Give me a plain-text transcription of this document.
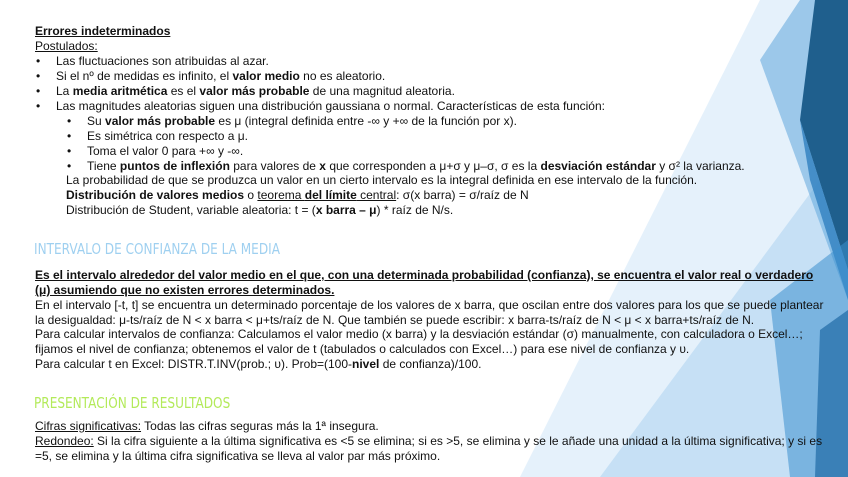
Errores indeterminados
Postulados:
• Las fluctuaciones son atribuidas al azar.
• Si el nº de medidas es infinito, el valor medio no es aleatorio.
• La media aritmética es el valor más probable de una magnitud aleatoria.
• Las magnitudes aleatorias siguen una distribución gaussiana o normal. Características de esta función:
• Su valor más probable es μ (integral definida entre -∞ y +∞ de la función por x).
• Es simétrica con respecto a μ.
• Toma el valor 0 para +∞ y -∞.
• Tiene puntos de inflexión para valores de x que corresponden a μ+σ y μ–σ, σ es la desviación estándar y σ² la varianza.
La probabilidad de que se produzca un valor en un cierto intervalo es la integral definida en ese intervalo de la función.
Distribución de valores medios o teorema del límite central: σ(x barra) = σ/raíz de N
Distribución de Student, variable aleatoria: t = (x barra – μ) * raíz de N/s.
INTERVALO DE CONFIANZA DE LA MEDIA
Es el intervalo alrededor del valor medio en el que, con una determinada probabilidad (confianza), se encuentra el valor real o verdadero
(μ) asumiendo que no existen errores determinados.
En el intervalo [-t, t] se encuentra un determinado porcentaje de los valores de x barra, que oscilan entre dos valores para los que se puede plantear
la desigualdad: μ-ts/raíz de N < x barra < μ+ts/raíz de N. Que también se puede escribir: x barra-ts/raíz de N < μ < x barra+ts/raíz de N.
Para calcular intervalos de confianza: Calculamos el valor medio (x barra) y la desviación estándar (σ) manualmente, con calculadora o Excel…;
fijamos el nivel de confianza; obtenemos el valor de t (tabulados o calculados con Excel…) para ese nivel de confianza y υ.
Para calcular t en Excel: DISTR.T.INV(prob.; υ). Prob=(100-nivel de confianza)/100.
PRESENTACIÓN DE RESULTADOS
Cifras significativas: Todas las cifras seguras más la 1ª insegura.
Redondeo: Si la cifra siguiente a la última significativa es <5 se elimina; si es >5, se elimina y se le añade una unidad a la última significativa; y si es
=5, se elimina y la última cifra significativa se lleva al valor par más próximo.
